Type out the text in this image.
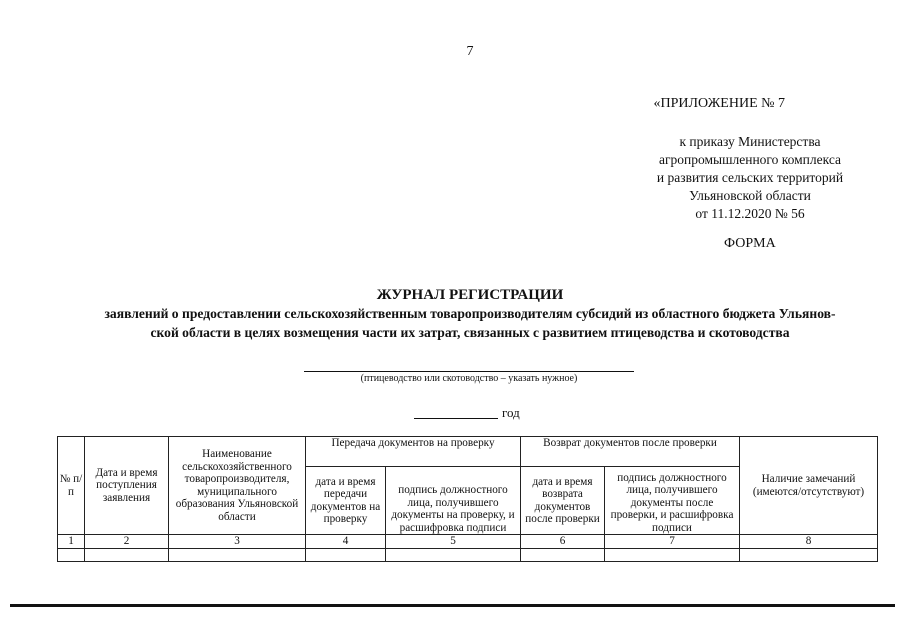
7
«ПРИЛОЖЕНИЕ № 7
к приказу Министерства
агропромышленного комплекса
и развития сельских территорий
Ульяновской области
от 11.12.2020 № 56
ФОРМА
ЖУРНАЛ РЕГИСТРАЦИИ
заявлений о предоставлении сельскохозяйственным товаропроизводителям субсидий из областного бюджета Ульянов-
ской области в целях возмещения части их затрат, связанных с развитием птицеводства и скотоводства
(птицеводство или скотоводство – указать нужное)
год
№ п/п	Дата и время поступления заявления	Наименование сельскохозяйственного товаропроизводителя, муниципального образования Ульяновской области	Передача документов на проверку		Возврат документов после проверки		Наличие замечаний (имеются/отсутствуют)
			дата и время передачи документов на проверку	подпись должностного лица, получившего документы на проверку, и расшифровка подписи	дата и время возврата документов после проверки	подпись должностного лица, получившего документы после проверки, и расшифровка подписи	
1	2	3	4	5	6	7	8
